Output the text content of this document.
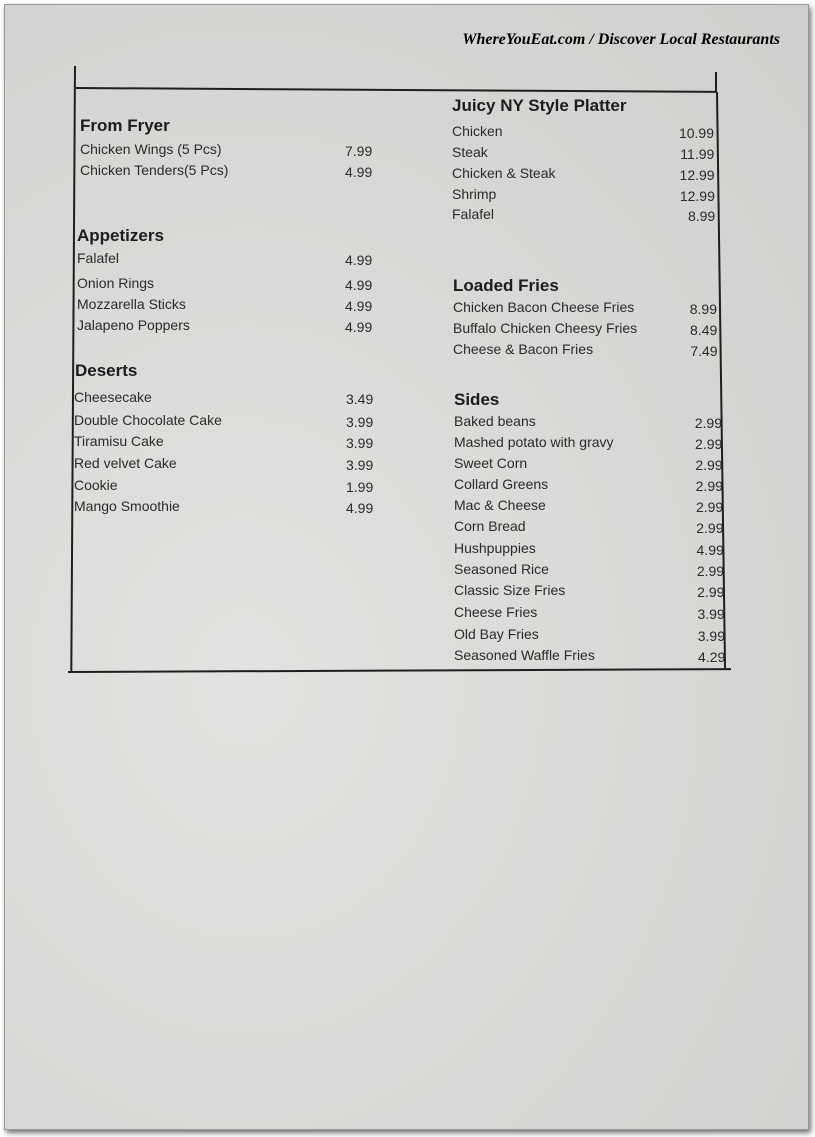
WhereYouEat.com / Discover Local Restaurants
From Fryer
Chicken Wings (5 Pcs)	7.99
Chicken Tenders(5 Pcs)	4.99
Appetizers
Falafel	4.99
Onion Rings	4.99
Mozzarella Sticks	4.99
Jalapeno Poppers	4.99
Deserts
Cheesecake	3.49
Double Chocolate Cake	3.99
Tiramisu Cake	3.99
Red velvet Cake	3.99
Cookie	1.99
Mango Smoothie	4.99
Juicy NY Style Platter
Chicken	10.99
Steak	11.99
Chicken & Steak	12.99
Shrimp	12.99
Falafel	8.99
Loaded Fries
Chicken Bacon Cheese Fries	8.99
Buffalo Chicken Cheesy Fries	8.49
Cheese & Bacon Fries	7.49
Sides
Baked beans	2.99
Mashed potato with gravy	2.99
Sweet Corn	2.99
Collard Greens	2.99
Mac & Cheese	2.99
Corn Bread	2.99
Hushpuppies	4.99
Seasoned Rice	2.99
Classic Size Fries	2.99
Cheese Fries	3.99
Old Bay Fries	3.99
Seasoned Waffle Fries	4.29
